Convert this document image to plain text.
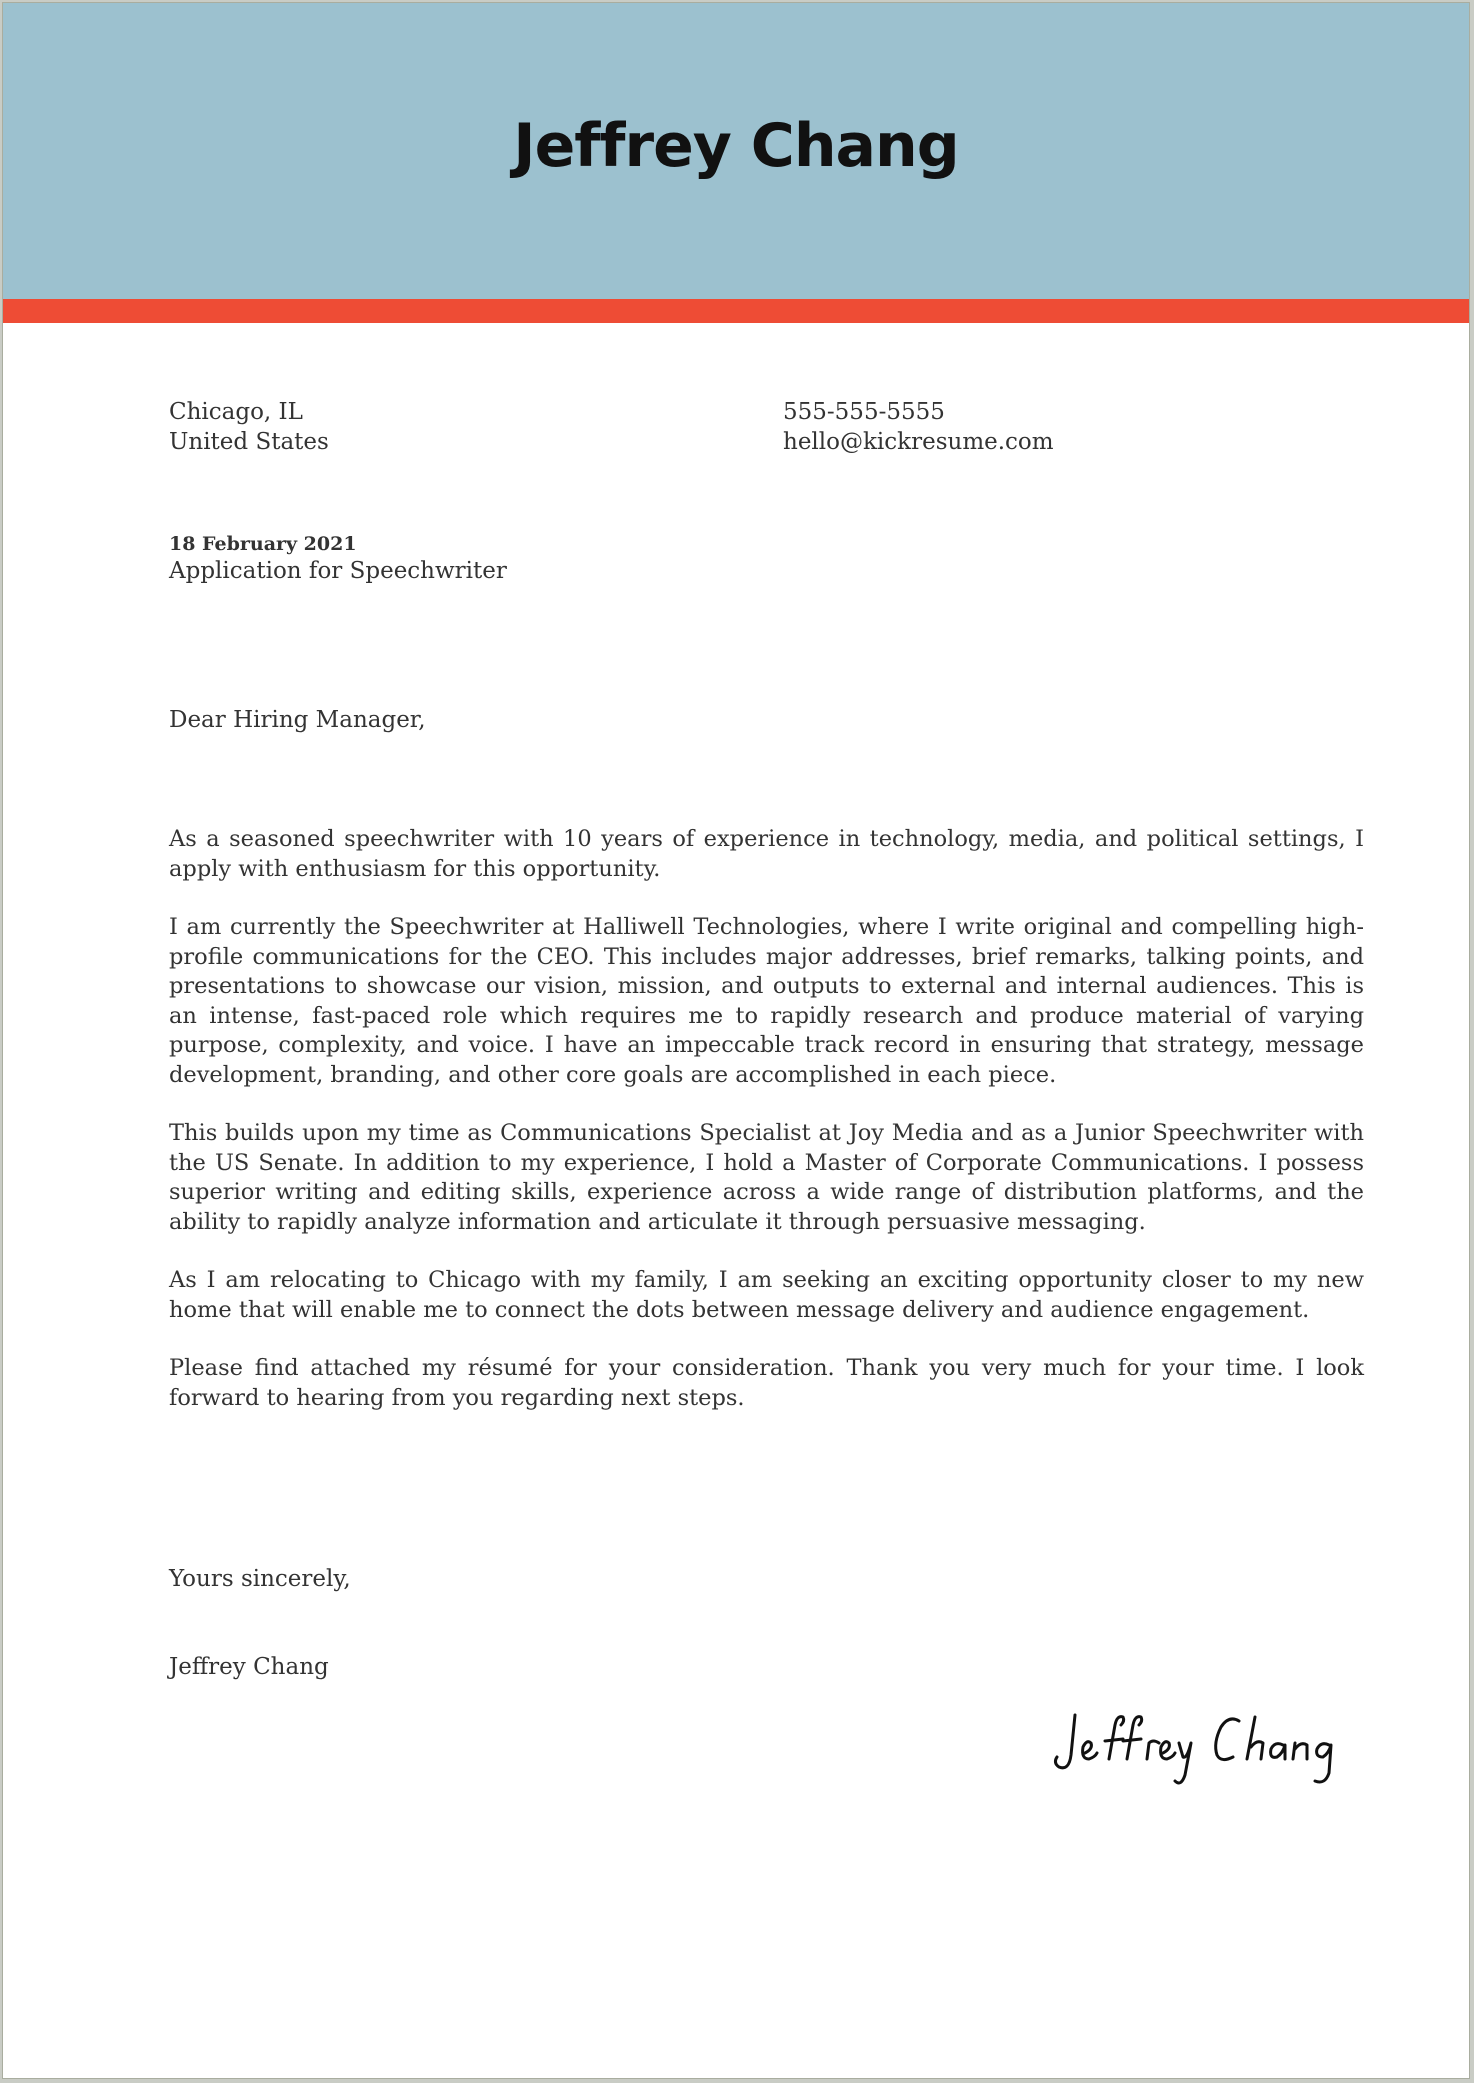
Jeffrey Chang
Chicago, IL
United States
555-555-5555
hello@kickresume.com
18 February 2021
Application for Speechwriter
Dear Hiring Manager,

As a seasoned speechwriter with 10 years of experience in technology, media, and political settings, I apply with enthusiasm for this opportunity.

I am currently the Speechwriter at Halliwell Technologies, where I write original and compelling high-profile communications for the CEO. This includes major addresses, brief remarks, talking points, and presentations to showcase our vision, mission, and outputs to external and internal audiences. This is an intense, fast-paced role which requires me to rapidly research and produce material of varying purpose, complexity, and voice. I have an impeccable track record in ensuring that strategy, message development, branding, and other core goals are accomplished in each piece.

This builds upon my time as Communications Specialist at Joy Media and as a Junior Speechwriter with the US Senate. In addition to my experience, I hold a Master of Corporate Communications. I possess superior writing and editing skills, experience across a wide range of distribution platforms, and the ability to rapidly analyze information and articulate it through persuasive messaging.

As I am relocating to Chicago with my family, I am seeking an exciting opportunity closer to my new home that will enable me to connect the dots between message delivery and audience engagement.

Please find attached my résumé for your consideration. Thank you very much for your time. I look forward to hearing from you regarding next steps.

Yours sincerely,
Jeffrey Chang
